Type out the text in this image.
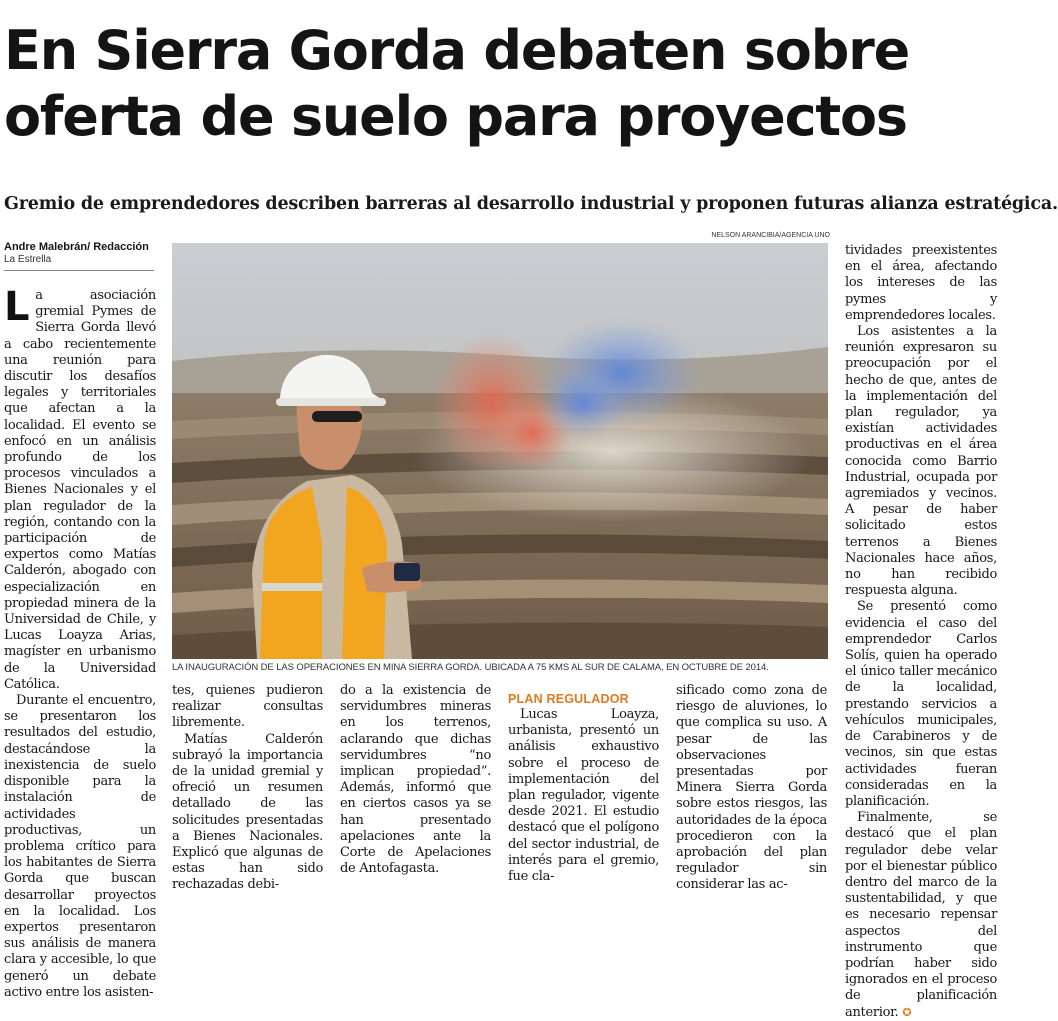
En Sierra Gorda debaten sobre
oferta de suelo para proyectos
Gremio de emprendedores describen barreras al desarrollo industrial y proponen futuras alianza estratégica.
Andre Malebrán/ Redacción
La Estrella

La asociación gremial Pymes de Sierra Gorda llevó a cabo recientemente una reunión para discutir los desafíos legales y territoriales que afectan a la localidad. El evento se enfocó en un análisis profundo de los procesos vinculados a Bienes Nacionales y el plan regulador de la región, contando con la participación de expertos como Matías Calderón, abogado con especialización en propiedad minera de la Universidad de Chile, y Lucas Loayza Arias, magíster en urbanismo de la Universidad Católica.

Durante el encuentro, se presentaron los resultados del estudio, destacándose la inexistencia de suelo disponible para la instalación de actividades productivas, un problema crítico para los habitantes de Sierra Gorda que buscan desarrollar proyectos en la localidad. Los expertos presentaron sus análisis de manera clara y accesible, lo que generó un debate activo entre los asisten-

NELSON ARANCIBIA/AGENCIA UNO
LA INAUGURACIÓN DE LAS OPERACIONES EN MINA SIERRA GORDA. UBICADA A 75 KMS AL SUR DE CALAMA, EN OCTUBRE DE 2014.

tes, quienes pudieron realizar consultas libremente.

Matías Calderón subrayó la importancia de la unidad gremial y ofreció un resumen detallado de las solicitudes presentadas a Bienes Nacionales. Explicó que algunas de estas han sido rechazadas debi-

do a la existencia de servidumbres mineras en los terrenos, aclarando que dichas servidumbres “no implican propiedad”. Además, informó que en ciertos casos ya se han presentado apelaciones ante la Corte de Apelaciones de Antofagasta.

PLAN REGULADOR

Lucas Loayza, urbanista, presentó un análisis exhaustivo sobre el proceso de implementación del plan regulador, vigente desde 2021. El estudio destacó que el polígono del sector industrial, de interés para el gremio, fue cla-

sificado como zona de riesgo de aluviones, lo que complica su uso. A pesar de las observaciones presentadas por Minera Sierra Gorda sobre estos riesgos, las autoridades de la época procedieron con la aprobación del plan regulador sin considerar las ac-

tividades preexistentes en el área, afectando los intereses de las pymes y emprendedores locales.

Los asistentes a la reunión expresaron su preocupación por el hecho de que, antes de la implementación del plan regulador, ya existían actividades productivas en el área conocida como Barrio Industrial, ocupada por agremiados y vecinos. A pesar de haber solicitado estos terrenos a Bienes Nacionales hace años, no han recibido respuesta alguna.

Se presentó como evidencia el caso del emprendedor Carlos Solís, quien ha operado el único taller mecánico de la localidad, prestando servicios a vehículos municipales, de Carabineros y de vecinos, sin que estas actividades fueran consideradas en la planificación.

Finalmente, se destacó que el plan regulador debe velar por el bienestar público dentro del marco de la sustentabilidad, y que es necesario repensar aspectos del instrumento que podrían haber sido ignorados en el proceso de planificación anterior. ✪
